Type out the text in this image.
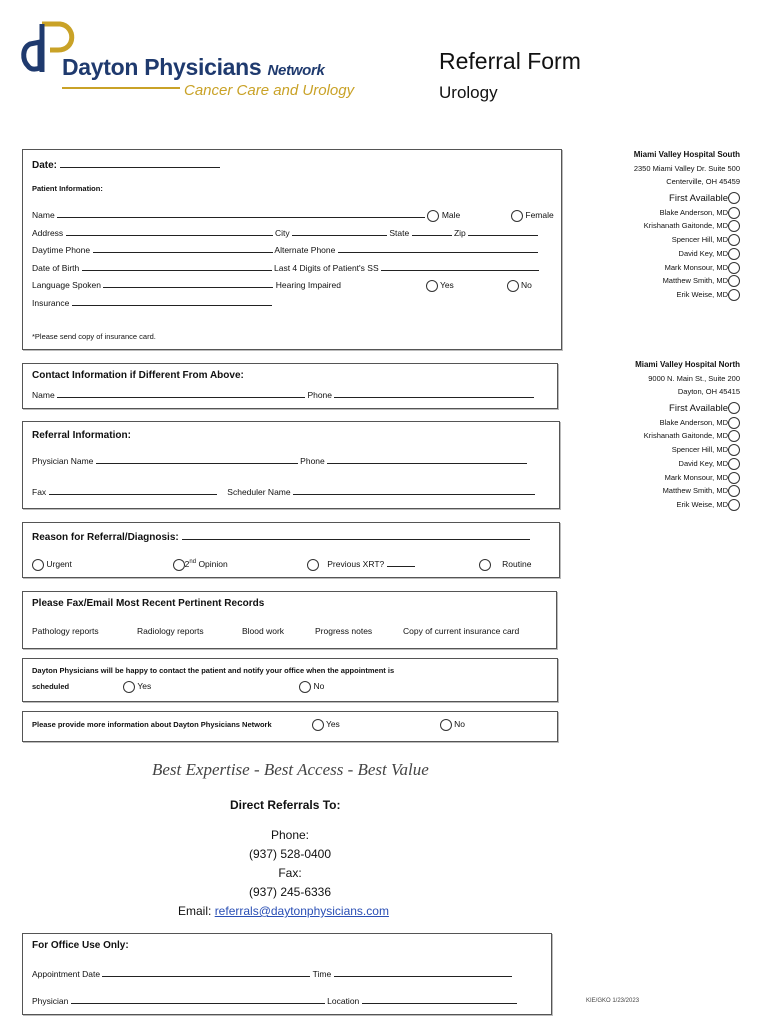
Dayton Physicians Network
Cancer Care and Urology
Referral Form
Urology
Date:
Patient Information:
Name	Male	Female
Address	City	State	Zip
Daytime Phone	Alternate Phone
Date of Birth	Last 4 Digits of Patient's SS
Language Spoken	Hearing Impaired	Yes	No
Insurance
*Please send copy of insurance card.
Contact Information if Different From Above:
Name	Phone
Referral Information:
Physician Name	Phone
Fax	Scheduler Name
Reason for Referral/Diagnosis:
Urgent	2nd Opinion	Previous XRT?	Routine
Please Fax/Email Most Recent Pertinent Records
Pathology reports	Radiology reports	Blood work	Progress notes	Copy of current insurance card
Dayton Physicians will be happy to contact the patient and notify your office when the appointment is
scheduled	Yes	No
Please provide more information about Dayton Physicians Network	Yes	No
Best Expertise - Best Access - Best Value
Direct Referrals To:
Phone:
(937) 528-0400
Fax:
(937) 245-6336
Email: referrals@daytonphysicians.com
For Office Use Only:
Appointment Date	Time
Physician	Location	KIE/GKO 1/23/2023
Miami Valley Hospital South
2350 Miami Valley Dr. Suite 500
Centerville, OH 45459
First Available
Blake Anderson, MD
Krishanath Gaitonde, MD
Spencer Hill, MD
David Key, MD
Mark Monsour, MD
Matthew Smith, MD
Erik Weise, MD
Miami Valley Hospital North
9000 N. Main St., Suite 200
Dayton, OH 45415
First Available
Blake Anderson, MD
Krishanath Gaitonde, MD
Spencer Hill, MD
David Key, MD
Mark Monsour, MD
Matthew Smith, MD
Erik Weise, MD
